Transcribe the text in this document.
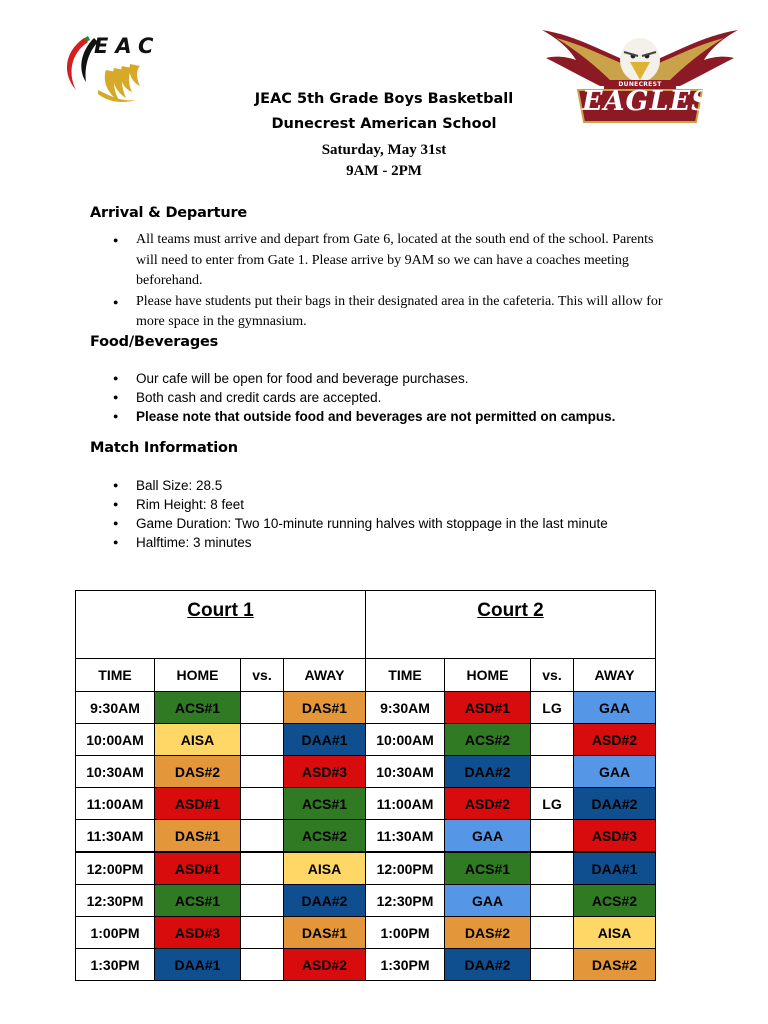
EAC
DUNECREST
EAGLES
JEAC 5th Grade Boys Basketball
Dunecrest American School
Saturday, May 31st
9AM - 2PM
Arrival & Departure
● All teams must arrive and depart from Gate 6, located at the south end of the school. Parents will need to enter from Gate 1. Please arrive by 9AM so we can have a coaches meeting beforehand.
● Please have students put their bags in their designated area in the cafeteria. This will allow for more space in the gymnasium.
Food/Beverages
● Our cafe will be open for food and beverage purchases.
● Both cash and credit cards are accepted.
● Please note that outside food and beverages are not permitted on campus.
Match Information
● Ball Size: 28.5
● Rim Height: 8 feet
● Game Duration: Two 10-minute running halves with stoppage in the last minute
● Halftime: 3 minutes
Court 1				Court 2			

TIME	HOME	vs.	AWAY	TIME	HOME	vs.	AWAY
9:30AM	ACS#1		DAS#1	9:30AM	ASD#1	LG	GAA
10:00AM	AISA		DAA#1	10:00AM	ACS#2		ASD#2
10:30AM	DAS#2		ASD#3	10:30AM	DAA#2		GAA
11:00AM	ASD#1		ACS#1	11:00AM	ASD#2	LG	DAA#2
11:30AM	DAS#1		ACS#2	11:30AM	GAA		ASD#3
12:00PM	ASD#1		AISA	12:00PM	ACS#1		DAA#1
12:30PM	ACS#1		DAA#2	12:30PM	GAA		ACS#2
1:00PM	ASD#3		DAS#1	1:00PM	DAS#2		AISA
1:30PM	DAA#1		ASD#2	1:30PM	DAA#2		DAS#2
